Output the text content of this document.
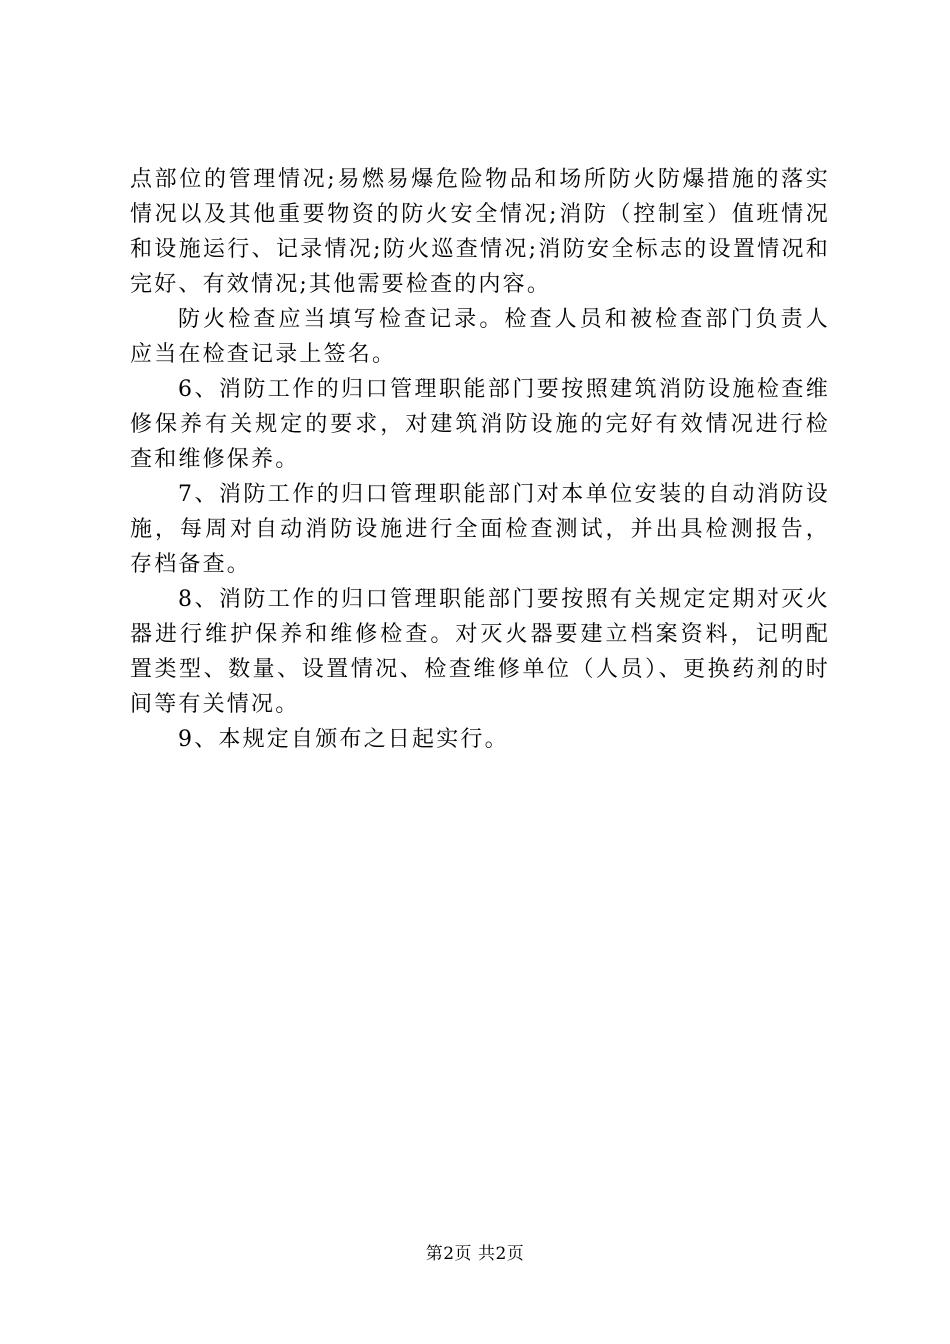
点部位的管理情况;易燃易爆危险物品和场所防火防爆措施的落实情况以及其他重要物资的防火安全情况;消防（控制室）值班情况和设施运行、记录情况;防火巡查情况;消防安全标志的设置情况和完好、有效情况;其他需要检查的内容。

防火检查应当填写检查记录。检查人员和被检查部门负责人应当在检查记录上签名。

6、消防工作的归口管理职能部门要按照建筑消防设施检查维修保养有关规定的要求，对建筑消防设施的完好有效情况进行检查和维修保养。

7、消防工作的归口管理职能部门对本单位安装的自动消防设施，每周对自动消防设施进行全面检查测试，并出具检测报告，存档备查。

8、消防工作的归口管理职能部门要按照有关规定定期对灭火器进行维护保养和维修检查。对灭火器要建立档案资料，记明配置类型、数量、设置情况、检查维修单位（人员）、更换药剂的时间等有关情况。

9、本规定自颁布之日起实行。

第2页 共2页
